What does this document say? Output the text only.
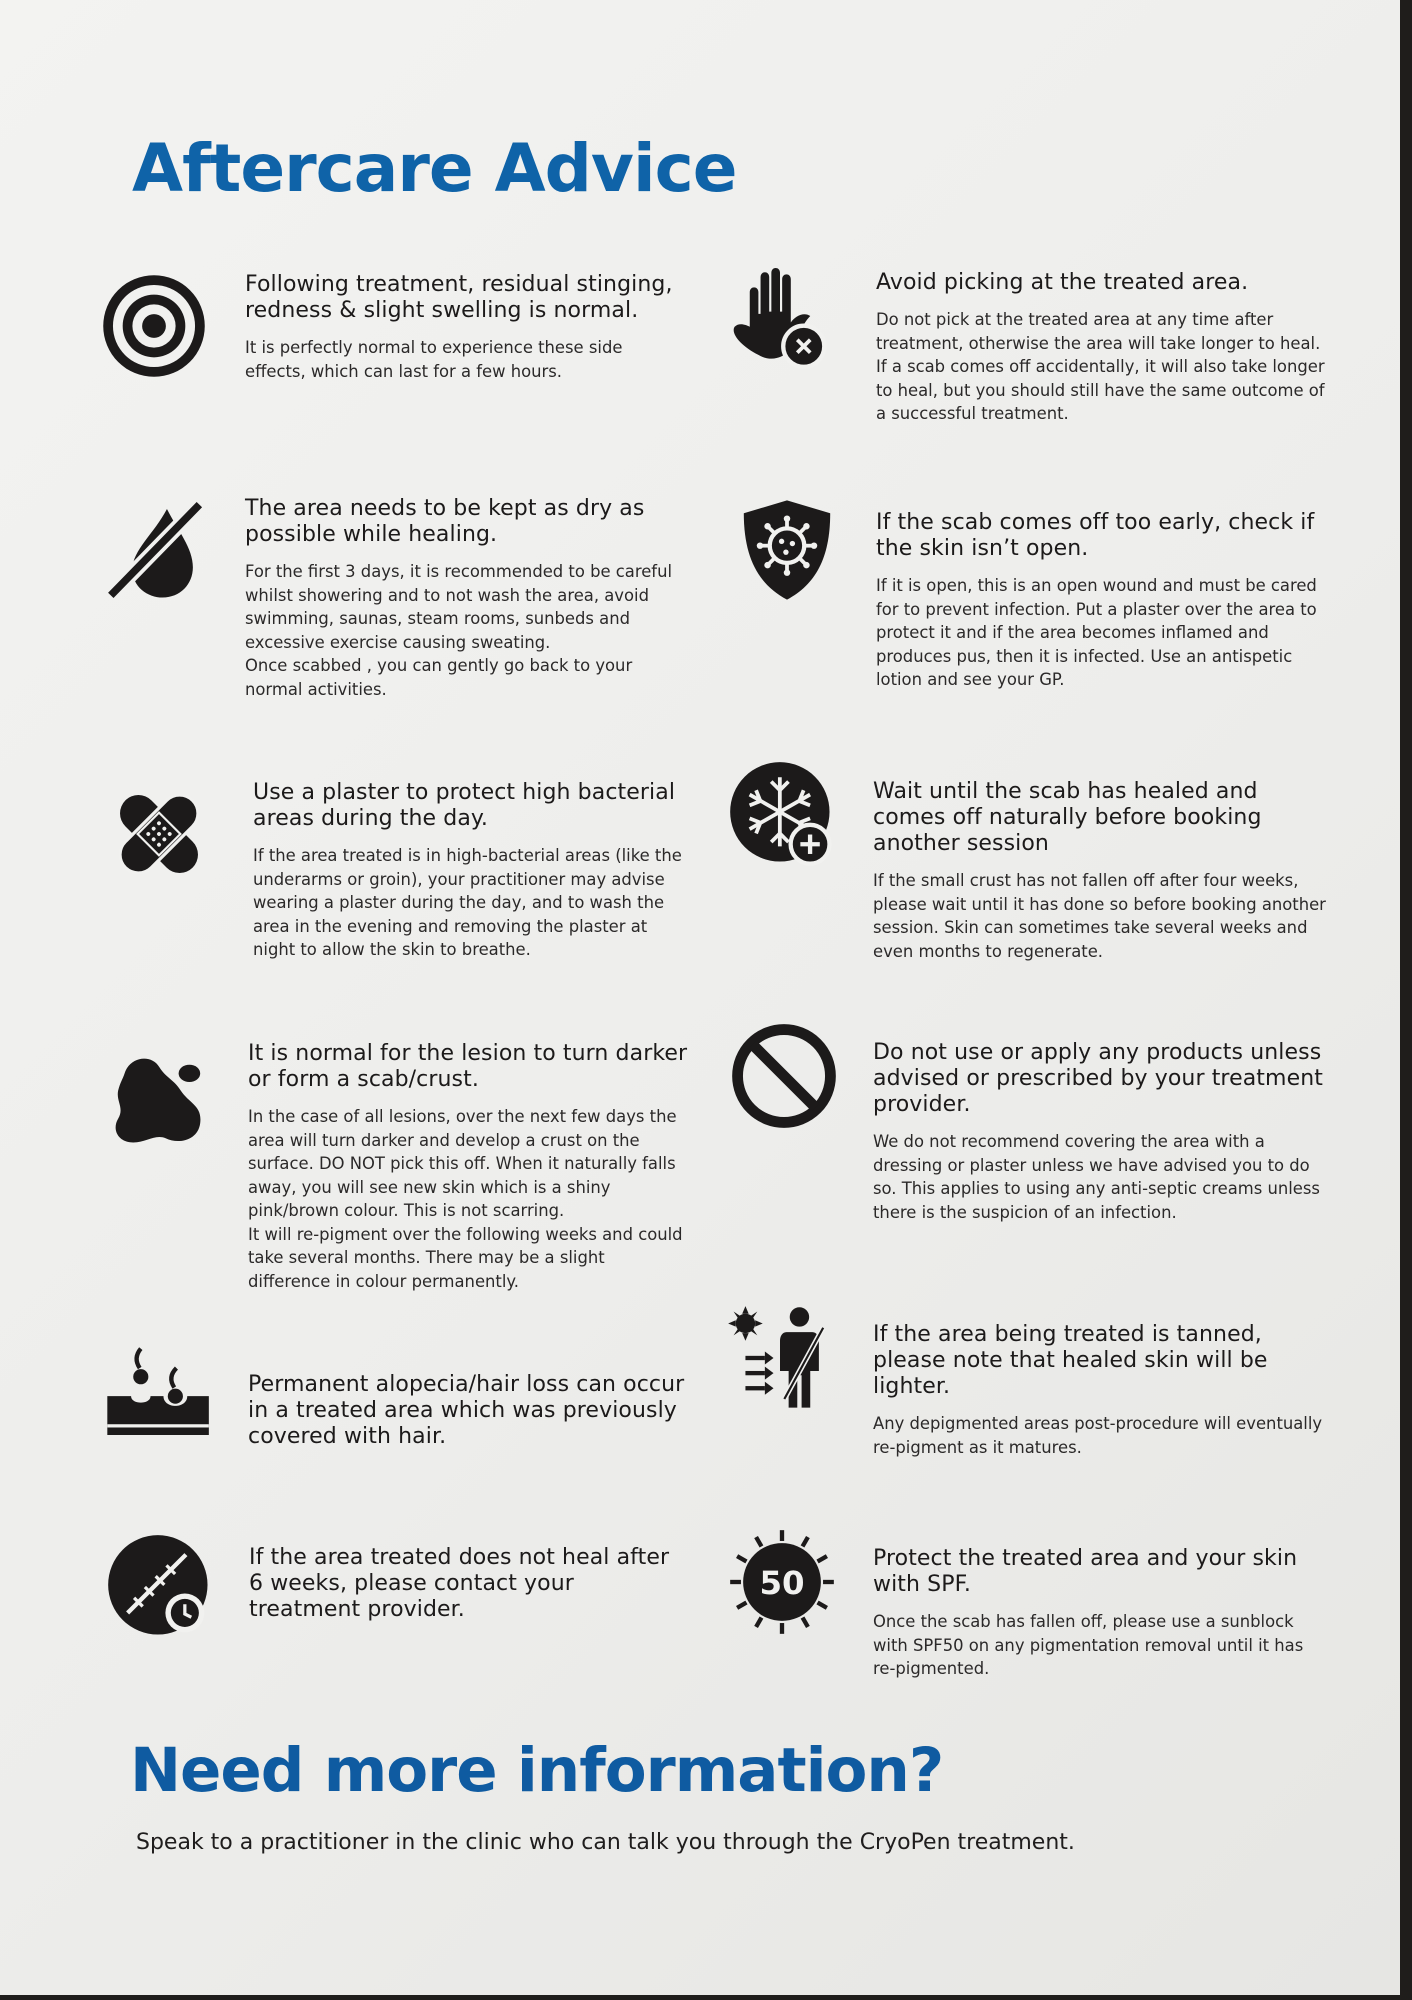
Aftercare Advice
Following treatment, residual stinging, redness & slight swelling is normal.

It is perfectly normal to experience these side effects, which can last for a few hours.

The area needs to be kept as dry as possible while healing.

For the first 3 days, it is recommended to be careful whilst showering and to not wash the area, avoid swimming, saunas, steam rooms, sunbeds and excessive exercise causing sweating.
Once scabbed , you can gently go back to your normal activities.

Use a plaster to protect high bacterial areas during the day.

If the area treated is in high-bacterial areas (like the underarms or groin), your practitioner may advise wearing a plaster during the day, and to wash the area in the evening and removing the plaster at night to allow the skin to breathe.

It is normal for the lesion to turn darker or form a scab/crust.

In the case of all lesions, over the next few days the area will turn darker and develop a crust on the surface. DO NOT pick this off. When it naturally falls away, you will see new skin which is a shiny pink/brown colour. This is not scarring.
It will re-pigment over the following weeks and could take several months. There may be a slight difference in colour permanently.

Permanent alopecia/hair loss can occur in a treated area which was previously covered with hair.
If the area treated does not heal after 6 weeks, please contact your treatment provider.
Avoid picking at the treated area.

Do not pick at the treated area at any time after treatment, otherwise the area will take longer to heal. If a scab comes off accidentally, it will also take longer to heal, but you should still have the same outcome of a successful treatment.

If the scab comes off too early, check if the skin isn’t open.

If it is open, this is an open wound and must be cared for to prevent infection. Put a plaster over the area to protect it and if the area becomes inflamed and produces pus, then it is infected. Use an antispetic lotion and see your GP.

Wait until the scab has healed and comes off naturally before booking another session

If the small crust has not fallen off after four weeks, please wait until it has done so before booking another session. Skin can sometimes take several weeks and even months to regenerate.

Do not use or apply any products unless advised or prescribed by your treatment provider.

We do not recommend covering the area with a dressing or plaster unless we have advised you to do so. This applies to using any anti-septic creams unless there is the suspicion of an infection.

If the area being treated is tanned, please note that healed skin will be lighter.

Any depigmented areas post-procedure will eventually re-pigment as it matures.

50
Protect the treated area and your skin with SPF.

Once the scab has fallen off, please use a sunblock with SPF50 on any pigmentation removal until it has re-pigmented.

Need more information?

Speak to a practitioner in the clinic who can talk you through the CryoPen treatment.
